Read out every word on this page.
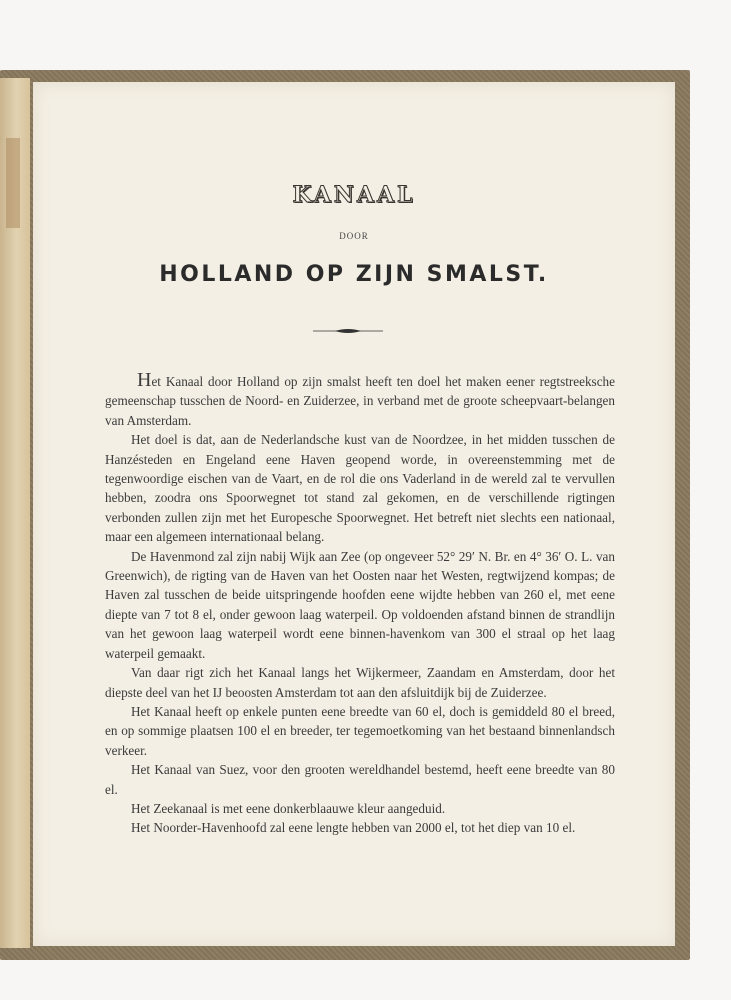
KANAAL
DOOR
HOLLAND OP ZIJN SMALST.

Het Kanaal door Holland op zijn smalst heeft ten doel het maken eener regtstreeksche gemeenschap tusschen de Noord- en Zuiderzee, in verband met de groote scheepvaart-belangen van Amsterdam.

Het doel is dat, aan de Nederlandsche kust van de Noordzee, in het midden tusschen de Hanzésteden en Engeland eene Haven geopend worde, in overeenstemming met de tegenwoordige eischen van de Vaart, en de rol die ons Vaderland in de wereld zal te vervullen hebben, zoodra ons Spoorwegnet tot stand zal gekomen, en de verschillende rigtingen verbonden zullen zijn met het Europesche Spoorwegnet. Het betreft niet slechts een nationaal, maar een algemeen internationaal belang.

De Havenmond zal zijn nabij Wijk aan Zee (op ongeveer 52° 29′ N. Br. en 4° 36′ O. L. van Greenwich), de rigting van de Haven van het Oosten naar het Westen, regtwijzend kompas; de Haven zal tusschen de beide uitspringende hoofden eene wijdte hebben van 260 el, met eene diepte van 7 tot 8 el, onder gewoon laag waterpeil. Op voldoenden afstand binnen de strandlijn van het gewoon laag waterpeil wordt eene binnen-havenkom van 300 el straal op het laag waterpeil gemaakt.

Van daar rigt zich het Kanaal langs het Wijkermeer, Zaandam en Amsterdam, door het diepste deel van het IJ beoosten Amsterdam tot aan den afsluitdijk bij de Zuiderzee.

Het Kanaal heeft op enkele punten eene breedte van 60 el, doch is gemiddeld 80 el breed, en op sommige plaatsen 100 el en breeder, ter tegemoetkoming van het bestaand binnenlandsch verkeer.

Het Kanaal van Suez, voor den grooten wereldhandel bestemd, heeft eene breedte van 80 el.

Het Zeekanaal is met eene donkerblaauwe kleur aangeduid.

Het Noorder-Havenhoofd zal eene lengte hebben van 2000 el, tot het diep van 10 el.
